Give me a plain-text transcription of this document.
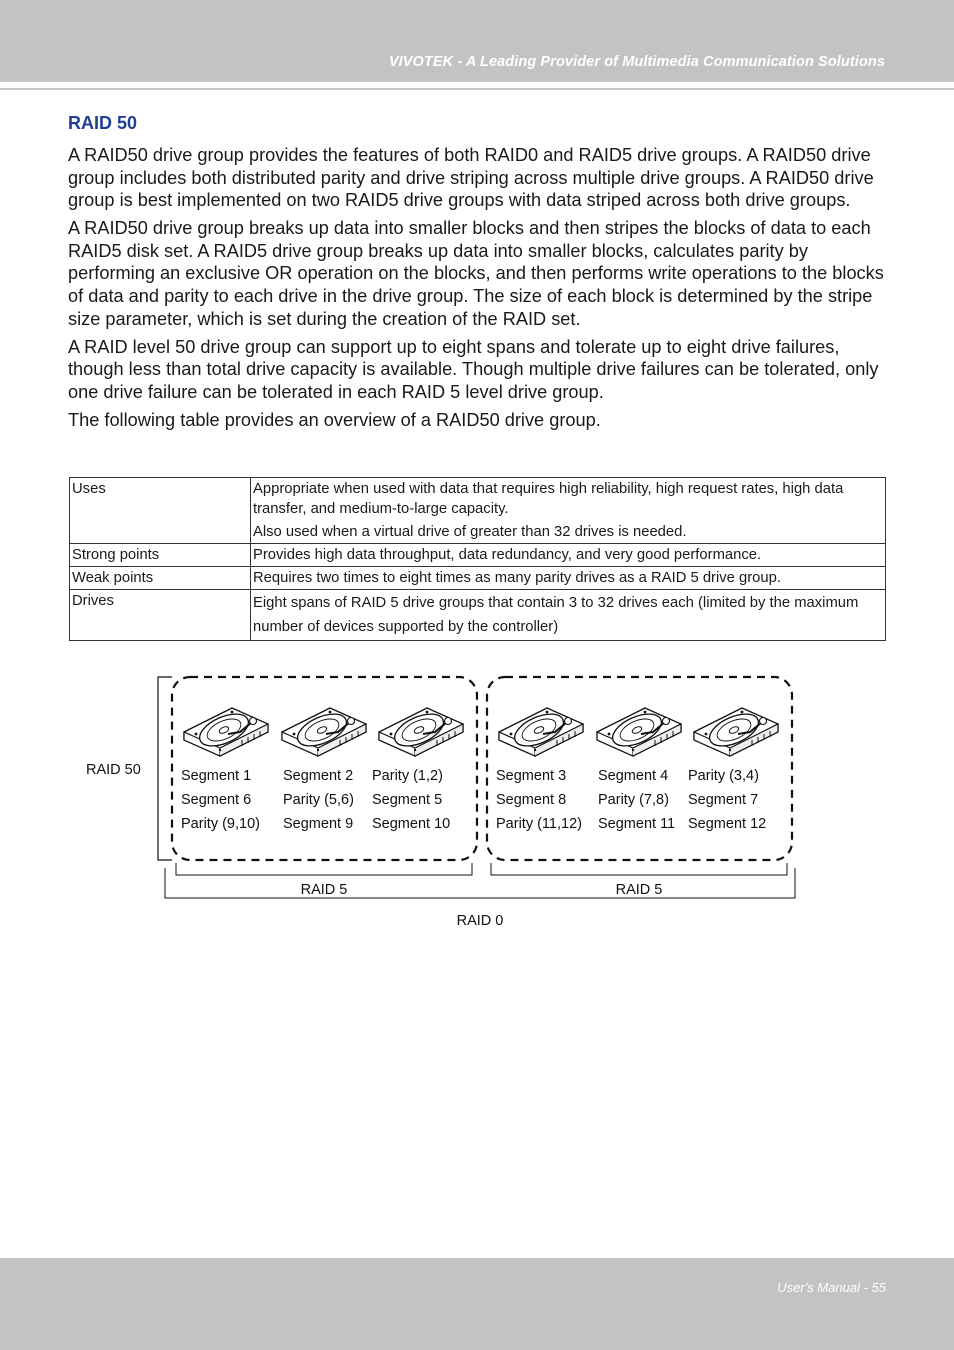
VIVOTEK - A Leading Provider of Multimedia Communication Solutions
RAID 50

A RAID50 drive group provides the features of both RAID0 and RAID5 drive groups. A RAID50 drive group includes both distributed parity and drive striping across multiple drive groups. A RAID50 drive group is best implemented on two RAID5 drive groups with data striped across both drive groups.

A RAID50 drive group breaks up data into smaller blocks and then stripes the blocks of data to each RAID5 disk set. A RAID5 drive group breaks up data into smaller blocks, calculates parity by performing an exclusive OR operation on the blocks, and then performs write operations to the blocks of data and parity to each drive in the drive group. The size of each block is determined by the stripe size parameter, which is set during the creation of the RAID set.

A RAID level 50 drive group can support up to eight spans and tolerate up to eight drive failures, though less than total drive capacity is available. Though multiple drive failures can be tolerated, only one drive failure can be tolerated in each RAID 5 level drive group.

The following table provides an overview of a RAID50 drive group.

Uses	Appropriate when used with data that requires high reliability, high request rates, high data transfer, and medium-to-large capacity.
Also used when a virtual drive of greater than 32 drives is needed.

Strong points	Provides high data throughput, data redundancy, and very good performance.

Weak points	Requires two times to eight times as many parity drives as a RAID 5 drive group.

Drives	Eight spans of RAID 5 drive groups that contain 3 to 32 drives each (limited by the maximum number of devices supported by the controller)
RAID 50	Segment 1
Segment 6
Parity (9,10)
Segment 2
Parity (5,6)
Segment 9
Parity (1,2)
Segment 5
Segment 10
Segment 3
Segment 8
Parity (11,12)
Segment 4
Parity (7,8)
Segment 11
Parity (3,4)
Segment 7
Segment 12
RAID 5	RAID 5
RAID 0
User's Manual - 55
